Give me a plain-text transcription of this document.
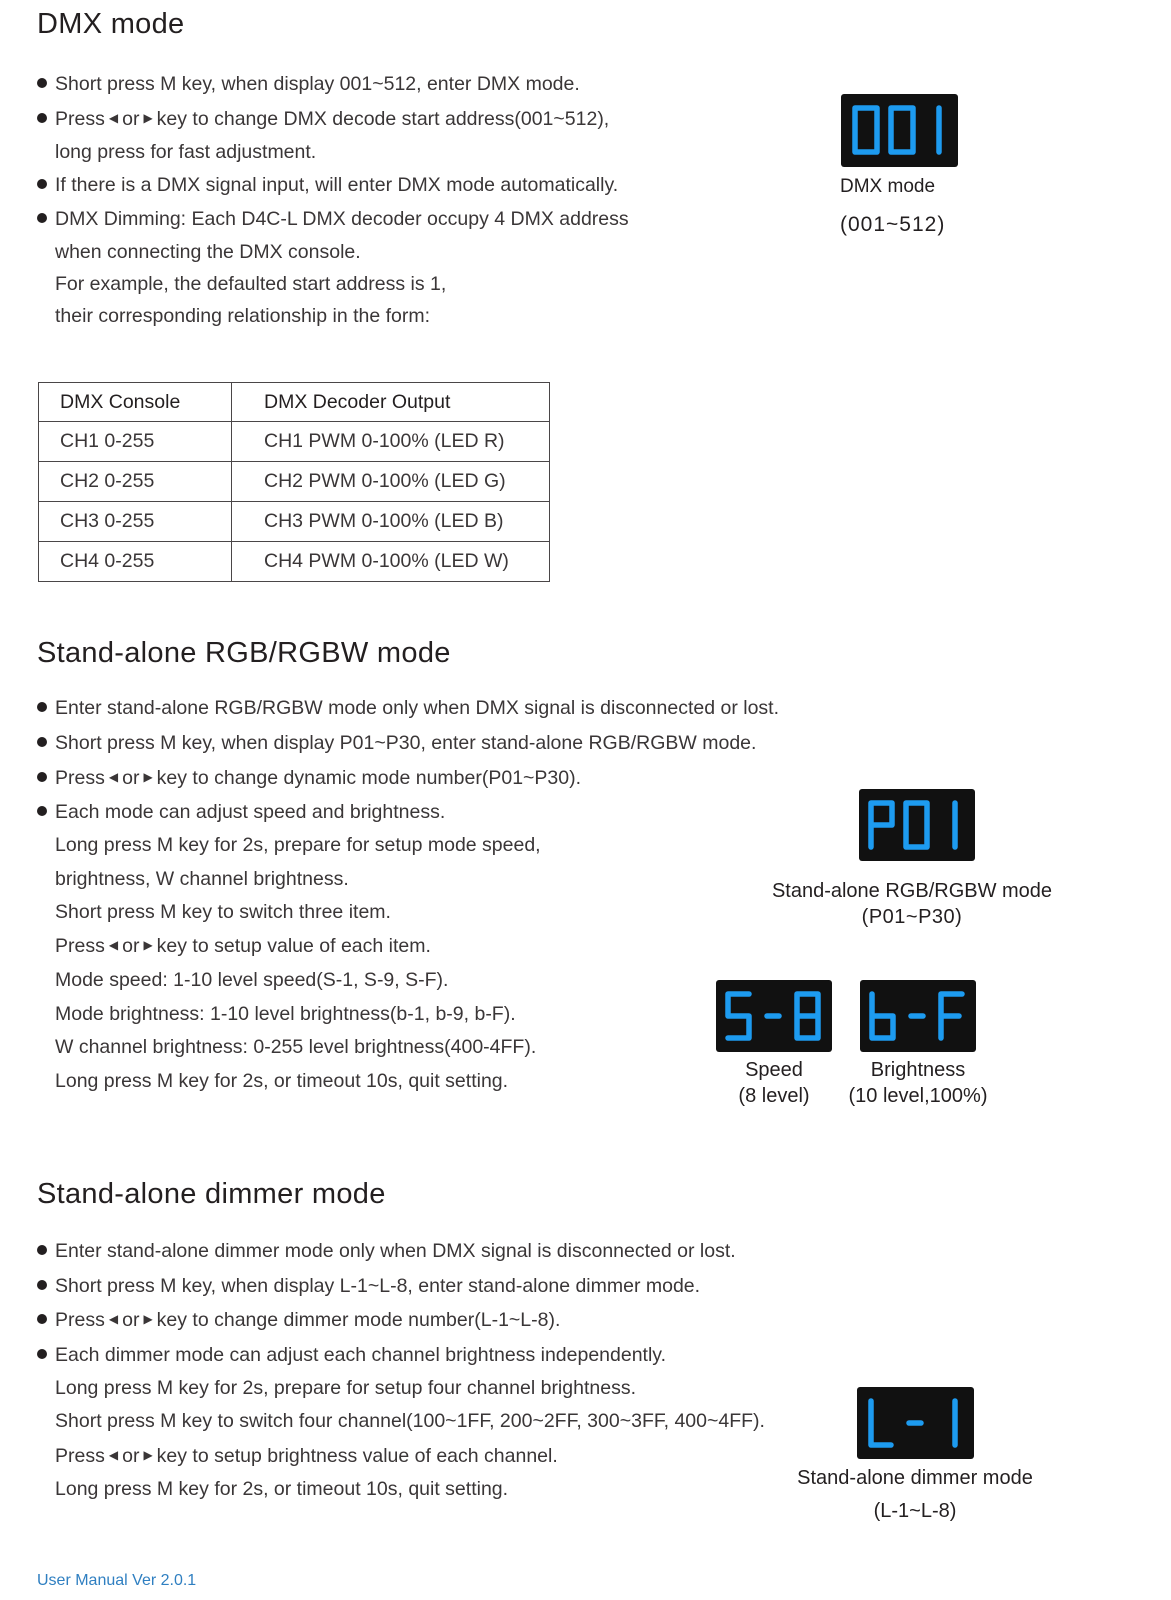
DMX mode
Short press M key, when display 001~512, enter DMX mode.
Press ◀ or ▶ key to change DMX decode start address(001~512),
long press for fast adjustment.
If there is a DMX signal input, will enter DMX mode automatically.
DMX Dimming: Each D4C-L DMX decoder occupy 4 DMX address
when connecting the DMX console.
For example, the defaulted start address is 1,
their corresponding relationship in the form:
DMX mode
(001~512)
DMX Console	DMX Decoder Output
CH1 0-255	CH1 PWM 0-100% (LED R)
CH2 0-255	CH2 PWM 0-100% (LED G)
CH3 0-255	CH3 PWM 0-100% (LED B)
CH4 0-255	CH4 PWM 0-100% (LED W)
Stand-alone RGB/RGBW mode
Enter stand-alone RGB/RGBW mode only when DMX signal is disconnected or lost.
Short press M key, when display P01~P30, enter stand-alone RGB/RGBW mode.
Press ◀ or ▶ key to change dynamic mode number(P01~P30).
Each mode can adjust speed and brightness.
Long press M key for 2s, prepare for setup mode speed,
brightness, W channel brightness.
Short press M key to switch three item.
Press ◀ or ▶ key to setup value of each item.
Mode speed: 1-10 level speed(S-1, S-9, S-F).
Mode brightness: 1-10 level brightness(b-1, b-9, b-F).
W channel brightness: 0-255 level brightness(400-4FF).
Long press M key for 2s, or timeout 10s, quit setting.
Stand-alone RGB/RGBW mode
(P01~P30)
Speed
(8 level)
Brightness
(10 level,100%)
Stand-alone dimmer mode
Enter stand-alone dimmer mode only when DMX signal is disconnected or lost.
Short press M key, when display L-1~L-8, enter stand-alone dimmer mode.
Press ◀ or ▶ key to change dimmer mode number(L-1~L-8).
Each dimmer mode can adjust each channel brightness independently.
Long press M key for 2s, prepare for setup four channel brightness.
Short press M key to switch four channel(100~1FF, 200~2FF, 300~3FF, 400~4FF).
Press ◀ or ▶ key to setup brightness value of each channel.
Long press M key for 2s, or timeout 10s, quit setting.	Stand-alone dimmer mode
(L-1~L-8)
User Manual Ver 2.0.1
